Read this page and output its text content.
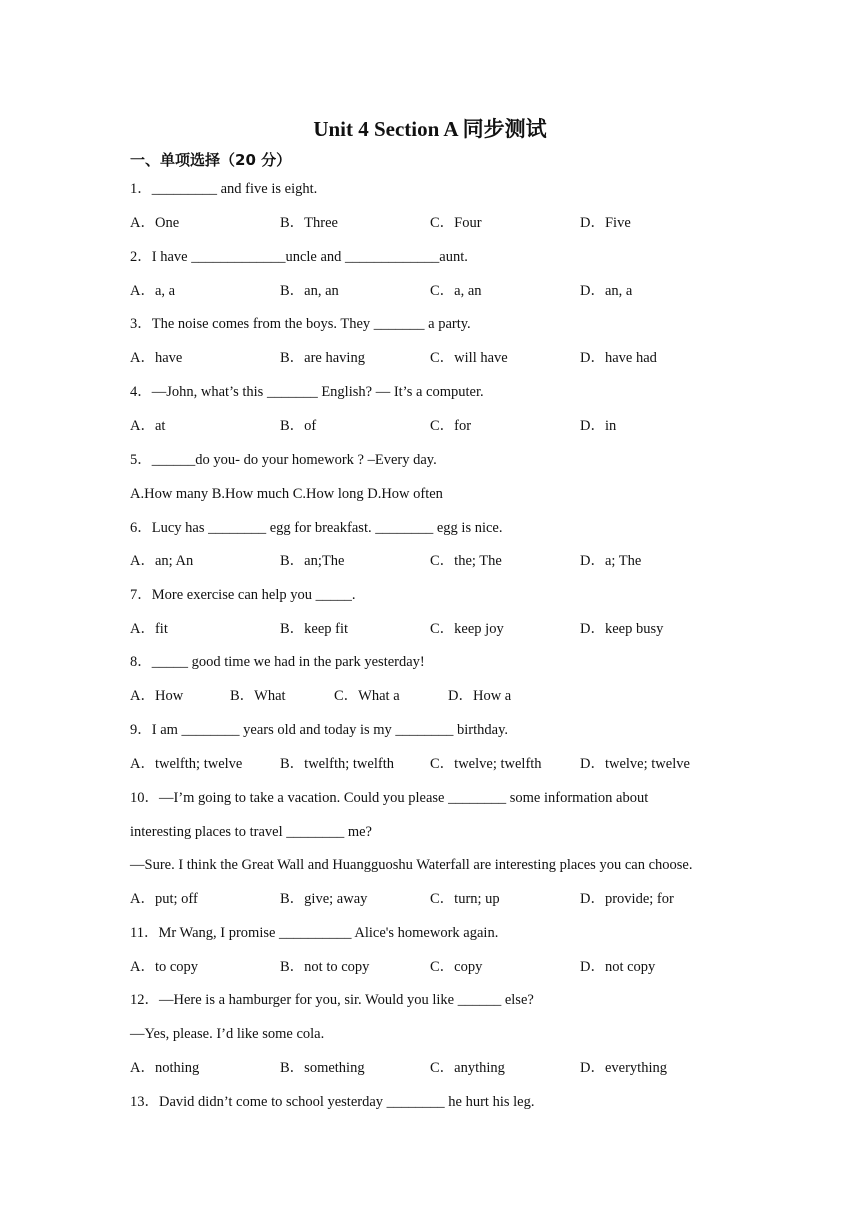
Unit 4 Section A 同步测试
一、单项选择（20 分）
1．_________ and five is eight.
A．One	B．Three	C．Four	D．Five
2．I have _____________uncle and _____________aunt.
A．a, a	B．an, an	C．a, an	D．an, a
3．The noise comes from the boys. They _______ a party.
A．have	B．are having	C．will have	D．have had
4．—John, what’s this _______ English? — It’s a computer.
A．at	B．of	C．for	D．in
5．______do you- do your homework ? –Every day.
A.How many B.How much C.How long D.How often
6．Lucy has ________ egg for breakfast. ________ egg is nice.
A．an; An	B．an;The	C．the; The	D．a; The
7．More exercise can help you _____.
A．fit	B．keep fit	C．keep joy	D．keep busy
8．_____ good time we had in the park yesterday!
A．How	B．What	C．What a	D．How a
9．I am ________ years old and today is my ________ birthday.
A．twelfth; twelve	B．twelfth; twelfth C．twelve; twelfth	D．twelve; twelve
10．—I’m going to take a vacation. Could you please ________ some information about
interesting places to travel ________ me?
—Sure. I think the Great Wall and Huangguoshu Waterfall are interesting places you can choose.
A．put; off	B．give; away	C．turn; up	D．provide; for
11．Mr Wang, I promise __________ Alice's homework again.
A．to copy	B．not to copy	C．copy	D．not copy
12．—Here is a hamburger for you, sir. Would you like ______ else?
—Yes, please. I’d like some cola.
A．nothing	B．something	C．anything	D．everything
13．David didn’t come to school yesterday ________ he hurt his leg.
